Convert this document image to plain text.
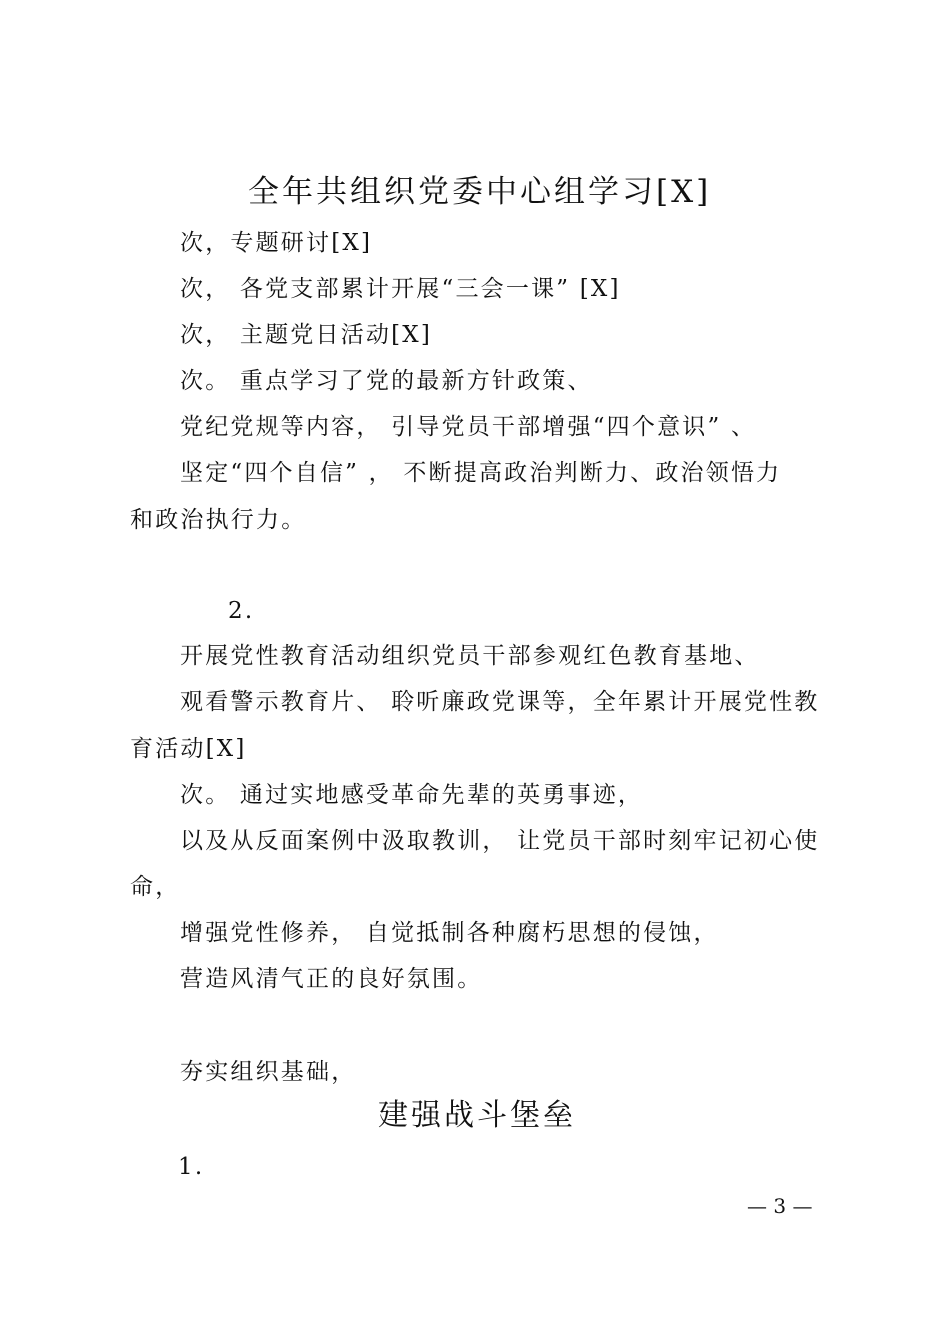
全年共组织党委中心组学习[X]
次，专题研讨[X]
次， 各党支部累计开展“三会一课” [X]
次， 主题党日活动[X]
次。 重点学习了党的最新方针政策、
党纪党规等内容， 引导党员干部增强“四个意识” 、
坚定“四个自信” ， 不断提高政治判断力、政治领悟力
和政治执行力。
2.
开展党性教育活动组织党员干部参观红色教育基地、
观看警示教育片、 聆听廉政党课等，全年累计开展党性教
育活动[X]
次。 通过实地感受革命先辈的英勇事迹，
以及从反面案例中汲取教训， 让党员干部时刻牢记初心使
命，
增强党性修养， 自觉抵制各种腐朽思想的侵蚀，
营造风清气正的良好氛围。
夯实组织基础，
建强战斗堡垒
1.
— 3 —
